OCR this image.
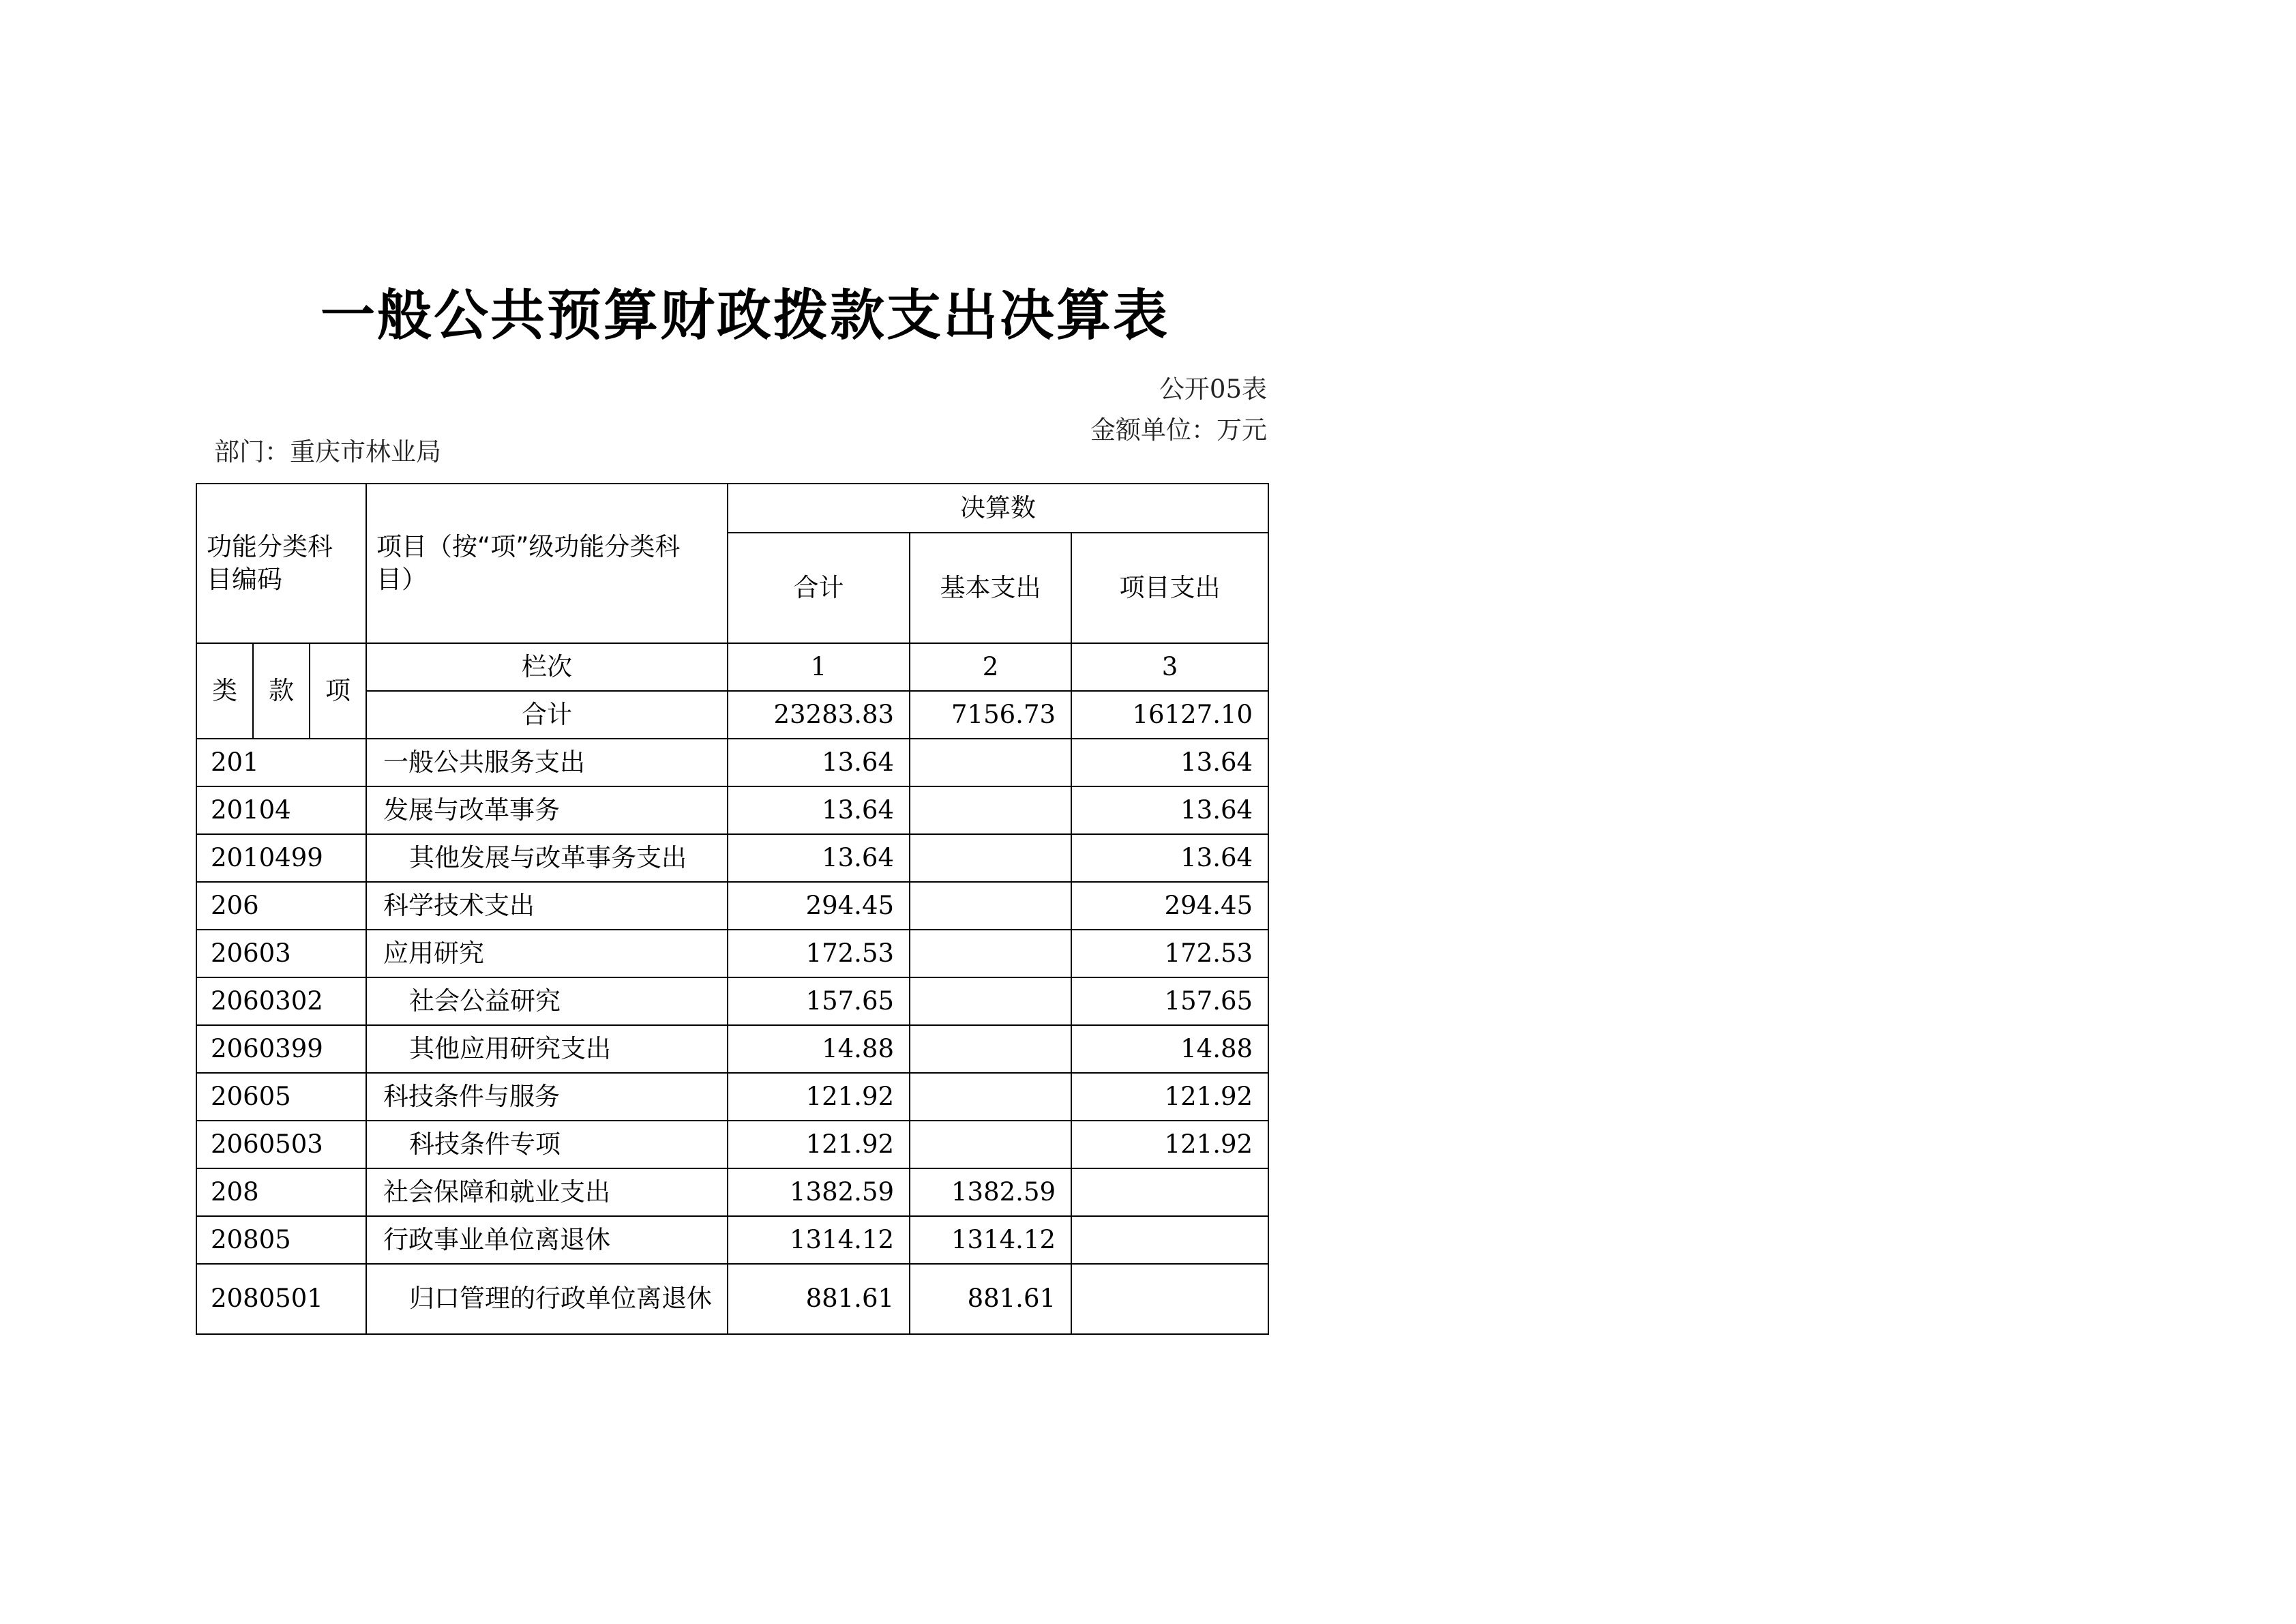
一般公共预算财政拨款支出决算表
公开05表
金额单位：万元
部门：重庆市林业局
功能分类科目编码			项目（按“项”级功能分类科目）	决算数		
				合计	基本支出	项目支出
类	款	项	栏次	1	2	3
			合计	23283.83	7156.73	16127.10
201			一般公共服务支出	13.64		13.64
20104			发展与改革事务	13.64		13.64
2010499			其他发展与改革事务支出	13.64		13.64
206			科学技术支出	294.45		294.45
20603			应用研究	172.53		172.53
2060302			社会公益研究	157.65		157.65
2060399			其他应用研究支出	14.88		14.88
20605			科技条件与服务	121.92		121.92
2060503			科技条件专项	121.92		121.92
208			社会保障和就业支出	1382.59	1382.59	
20805			行政事业单位离退休	1314.12	1314.12	
2080501			归口管理的行政单位离退休	881.61	881.61	
